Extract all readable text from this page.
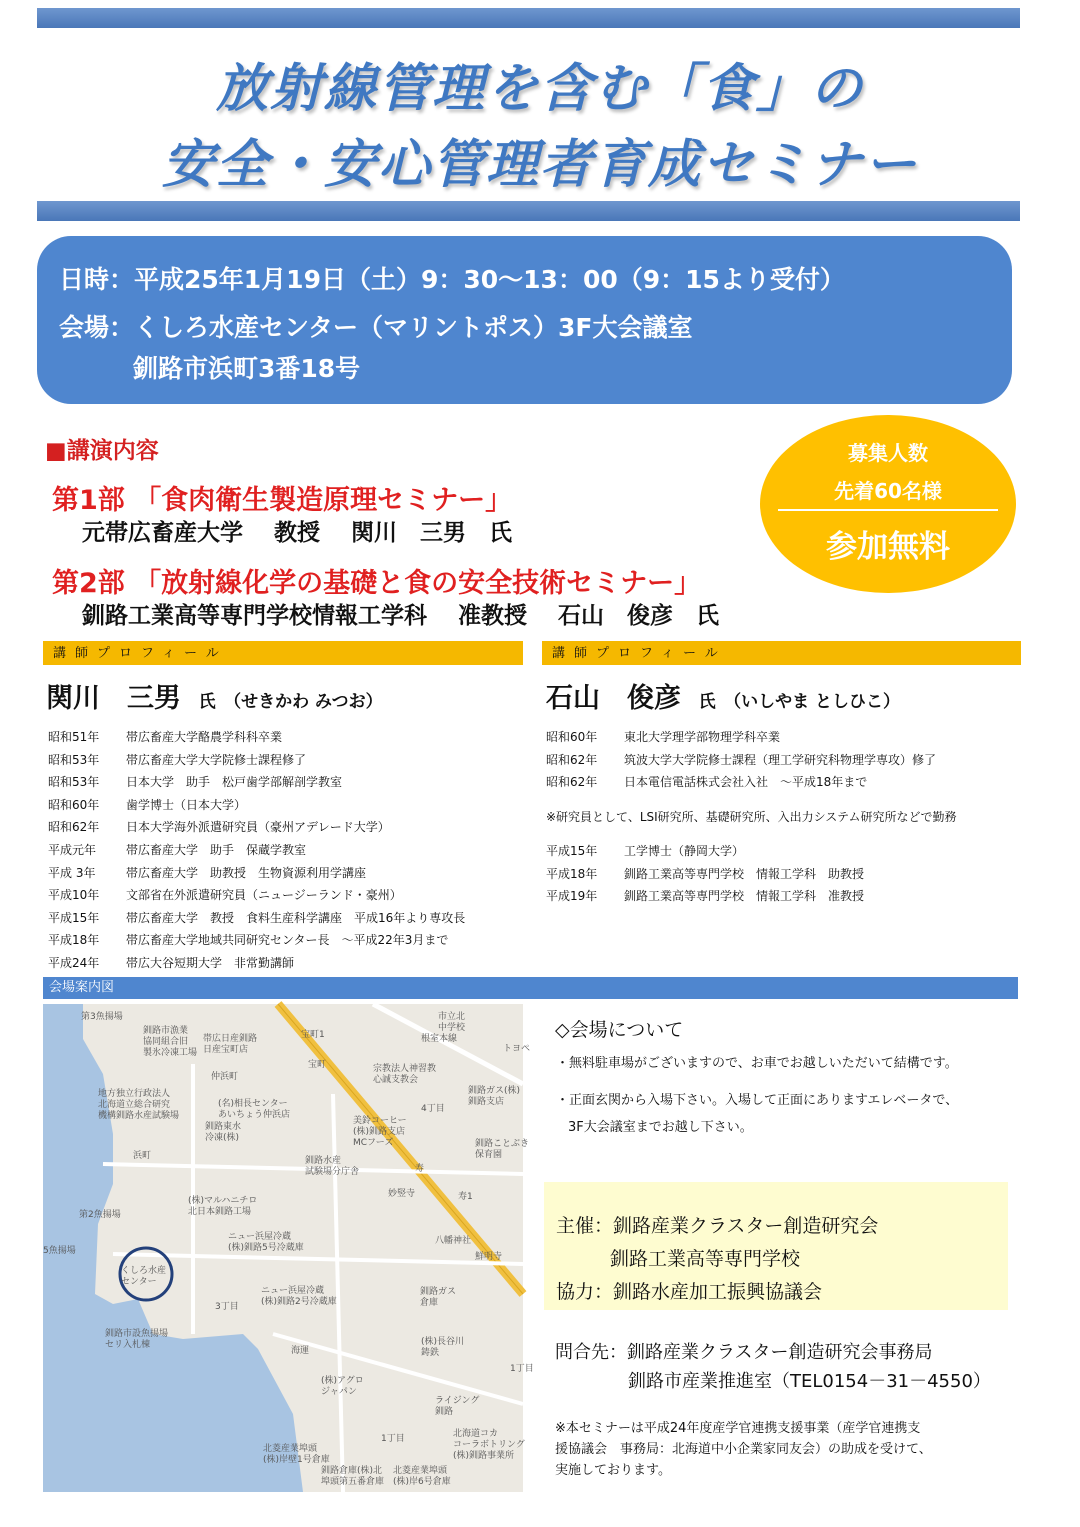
放射線管理を含む「食」の
安全・安心管理者育成セミナー
日時：平成25年1月19日（土）9：30～13：00（9：15より受付）
会場：くしろ水産センター（マリントポス）3F大会議室
釧路市浜町3番18号
■講演内容
第1部 「食肉衛生製造原理セミナー」
元帯広畜産大学　 教授　 関川　三男　氏
第2部 「放射線化学の基礎と食の安全技術セミナー」
釧路工業高等専門学校情報工学科　 准教授　 石山　俊彦　氏
募集人数
先着60名様
参加無料
講師プロフィール	講師プロフィール
関川　三男 氏　（せきかわ みつお）
昭和51年 帯広畜産大学酪農学科科卒業
昭和53年 帯広畜産大学大学院修士課程修了
昭和53年 日本大学　助手　松戸歯学部解剖学教室
昭和60年 歯学博士（日本大学）
昭和62年 日本大学海外派遣研究員（豪州アデレード大学）
平成元年 帯広畜産大学　助手　保蔵学教室
平成 3年	帯広畜産大学　助教授　生物資源利用学講座
平成10年 文部省在外派遣研究員（ニュージーランド・豪州）
平成15年 帯広畜産大学　教授　食料生産科学講座　平成16年より専攻長
平成18年 帯広畜産大学地域共同研究センター長　～平成22年3月まで
平成24年 帯広大谷短期大学　非常勤講師
石山　俊彦 氏　（いしやま としひこ）
昭和60年 東北大学理学部物理学科卒業
昭和62年 筑波大学大学院修士課程（理工学研究科物理学専攻）修了
昭和62年 日本電信電話株式会社入社　～平成18年まで
※研究員として、LSI研究所、基礎研究所、入出力システム研究所などで勤務
平成15年 工学博士（静岡大学）
平成18年 釧路工業高等専門学校　情報工学科　助教授
平成19年 釧路工業高等専門学校　情報工学科　准教授
会場案内図
第3魚揚場
釧路市漁業
協同組合旧
製氷冷凍工場
帯広日産釧路
日産宝町店
市立北
中学校
宝町1	根室本線
宝町
仲浜町
宗教法人神習教
心誠支教会
地方独立行政法人
北海道立総合研究
機構釧路水産試験場
(名)相長センター
あいちょう仲浜店
4丁目
釧路ガス(株)
釧路支店
美鈴コーヒー
(株)釧路支店
MCフーズ
釧路東水
冷凍(株)
釧路水産
試験場分庁舎
浜町
寿
妙竪寺
釧路ことぶき
保育園
(株)マルハニチロ
北日本釧路工場
第2魚揚場
ニュー浜屋冷蔵
(株)釧路5号冷蔵庫
八幡神社
鮮明寺
5魚揚場
くしろ水産
センター
ニュー浜屋冷蔵
(株)釧路2号冷蔵庫
3丁目
釧路ガス
倉庫
釧路市設魚揚場
セリ入札棟
海運
(株)長谷川
鋳鉄
(株)アグロ
ジャパン
ライジング
釧路
1丁目
北海道コカ
コーラボトリング
(株)釧路事業所
1丁目
北菱産業埠頭
(株)岸壁1号倉庫
釧路倉庫(株)北
埠頭第五番倉庫
北菱産業埠頭
(株)岸6号倉庫
寿1
トヨペ
◇会場について
・無料駐車場がございますので、お車でお越しいただいて結構です。
・正面玄関から入場下さい。入場して正面にありますエレベータで、
3F大会議室までお越し下さい。
主催：釧路産業クラスター創造研究会
釧路工業高等専門学校
協力：釧路水産加工振興協議会
問合先：釧路産業クラスター創造研究会事務局
釧路市産業推進室（TEL0154－31－4550）
※本セミナーは平成24年度産学官連携支援事業（産学官連携支
援協議会　事務局：北海道中小企業家同友会）の助成を受けて、
実施しております。
